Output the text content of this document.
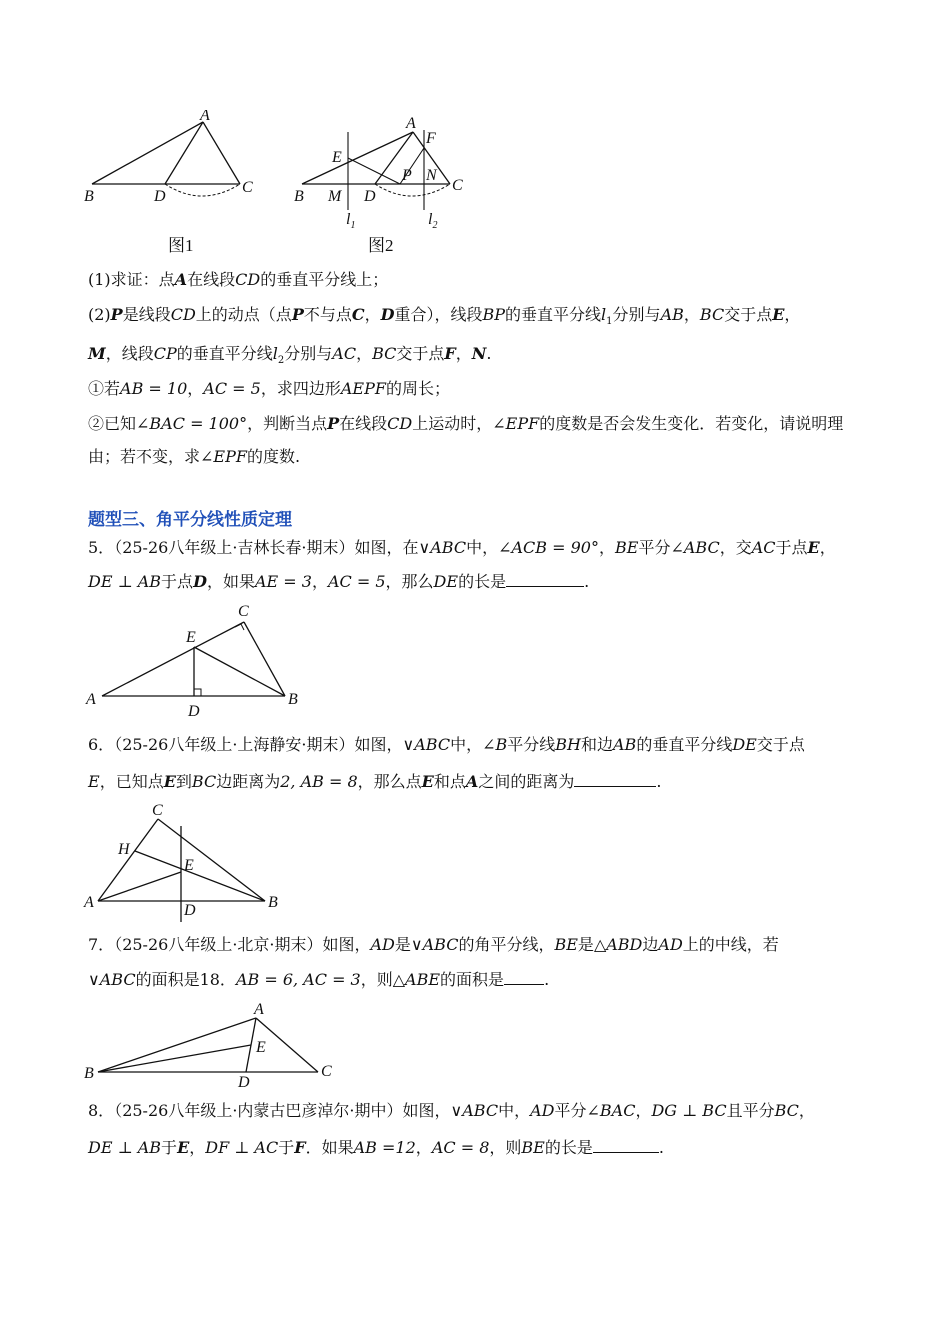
A
B	D
C
图1
A
F
E
B M D
P N
C
$l_1$	$l_2$
图2
(1)求证：点A在线段CD的垂直平分线上；
(2)P是线段CD上的动点（点P不与点C，D重合），线段BP的垂直平分线$l_1$分别与AB，BC交于点E，
M，线段CP的垂直平分线$l_2$分别与AC，BC交于点F，N.
①若AB = 10，AC = 5，求四边形AEPF的周长；
②已知∠BAC = 100°，判断当点P在线段CD上运动时，∠EPF的度数是否会发生变化．若变化，请说明理
由；若不变，求∠EPF的度数.
题型三、角平分线性质定理
5．（25-26八年级上·吉林长春·期末）如图，在∨ABC中，∠ACB = 90°，BE平分∠ABC，交AC于点E，
DE ⊥ AB于点D，如果AE = 3，AC = 5，那么DE的长是	.
C
E
A
D
B
6．（25-26八年级上·上海静安·期末）如图，∨ABC中，∠B平分线BH和边AB的垂直平分线DE交于点
E，已知点E到BC边距离为2, AB = 8，那么点E和点A之间的距离为	.
C
H
E
A	D	B
7．（25-26八年级上·北京·期末）如图，AD是∨ABC的角平分线，BE是△ABD边AD上的中线，若
∨ABC的面积是18．AB = 6, AC = 3，则△ABE的面积是	.
A
E
B
D
C
8．（25-26八年级上·内蒙古巴彦淖尔·期中）如图，∨ABC中，AD平分∠BAC，DG ⊥ BC且平分BC，
DE ⊥ AB于E，DF ⊥ AC于F．如果AB =12，AC = 8，则BE的长是	.
